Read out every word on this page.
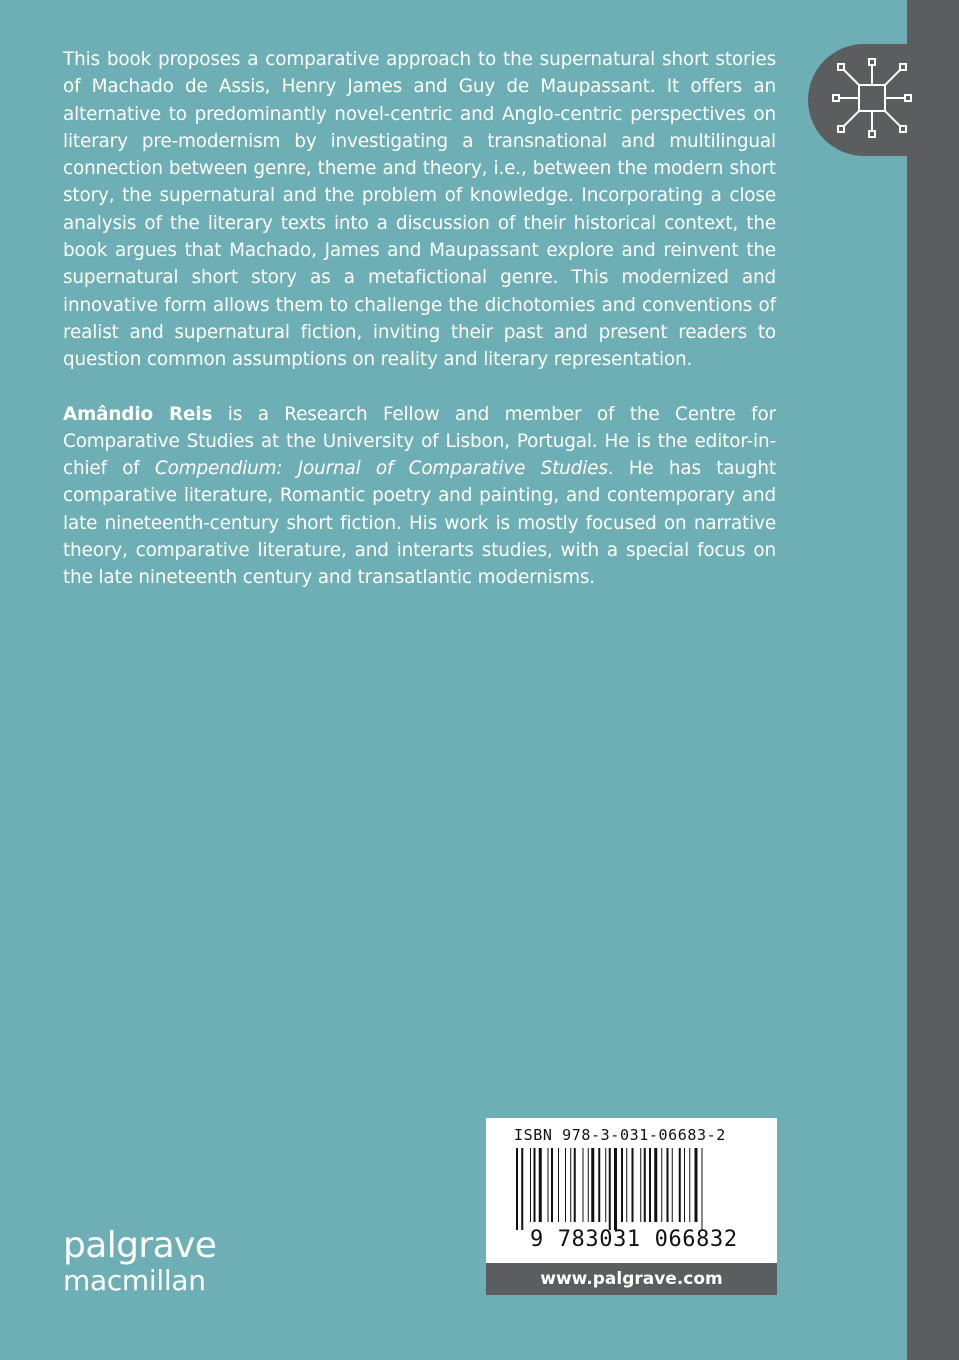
This book proposes a comparative approach to the supernatural short stories of Machado de Assis, Henry James and Guy de Maupassant. It offers an alternative to predominantly novel-centric and Anglo-centric perspectives on literary pre-modernism by investigating a transnational and multilingual connection between genre, theme and theory, i.e., between the modern short story, the supernatural and the problem of knowledge. Incorporating a close analysis of the literary texts into a discussion of their historical context, the book argues that Machado, James and Maupassant explore and reinvent the supernatural short story as a metafictional genre. This modernized and innovative form allows them to challenge the dichotomies and conventions of realist and supernatural fiction, inviting their past and present readers to question common assumptions on reality and literary representation.

Amândio Reis is a Research Fellow and member of the Centre for Comparative Studies at the University of Lisbon, Portugal. He is the editor-in-chief of Compendium: Journal of Comparative Studies. He has taught comparative literature, Romantic poetry and painting, and contemporary and late nineteenth-century short fiction. His work is mostly focused on narrative theory, comparative literature, and interarts studies, with a special focus on the late nineteenth century and transatlantic modernisms.

palgrave
macmillan
ISBN 978-3-031-06683-2
9 783031 066832
www.palgrave.com
